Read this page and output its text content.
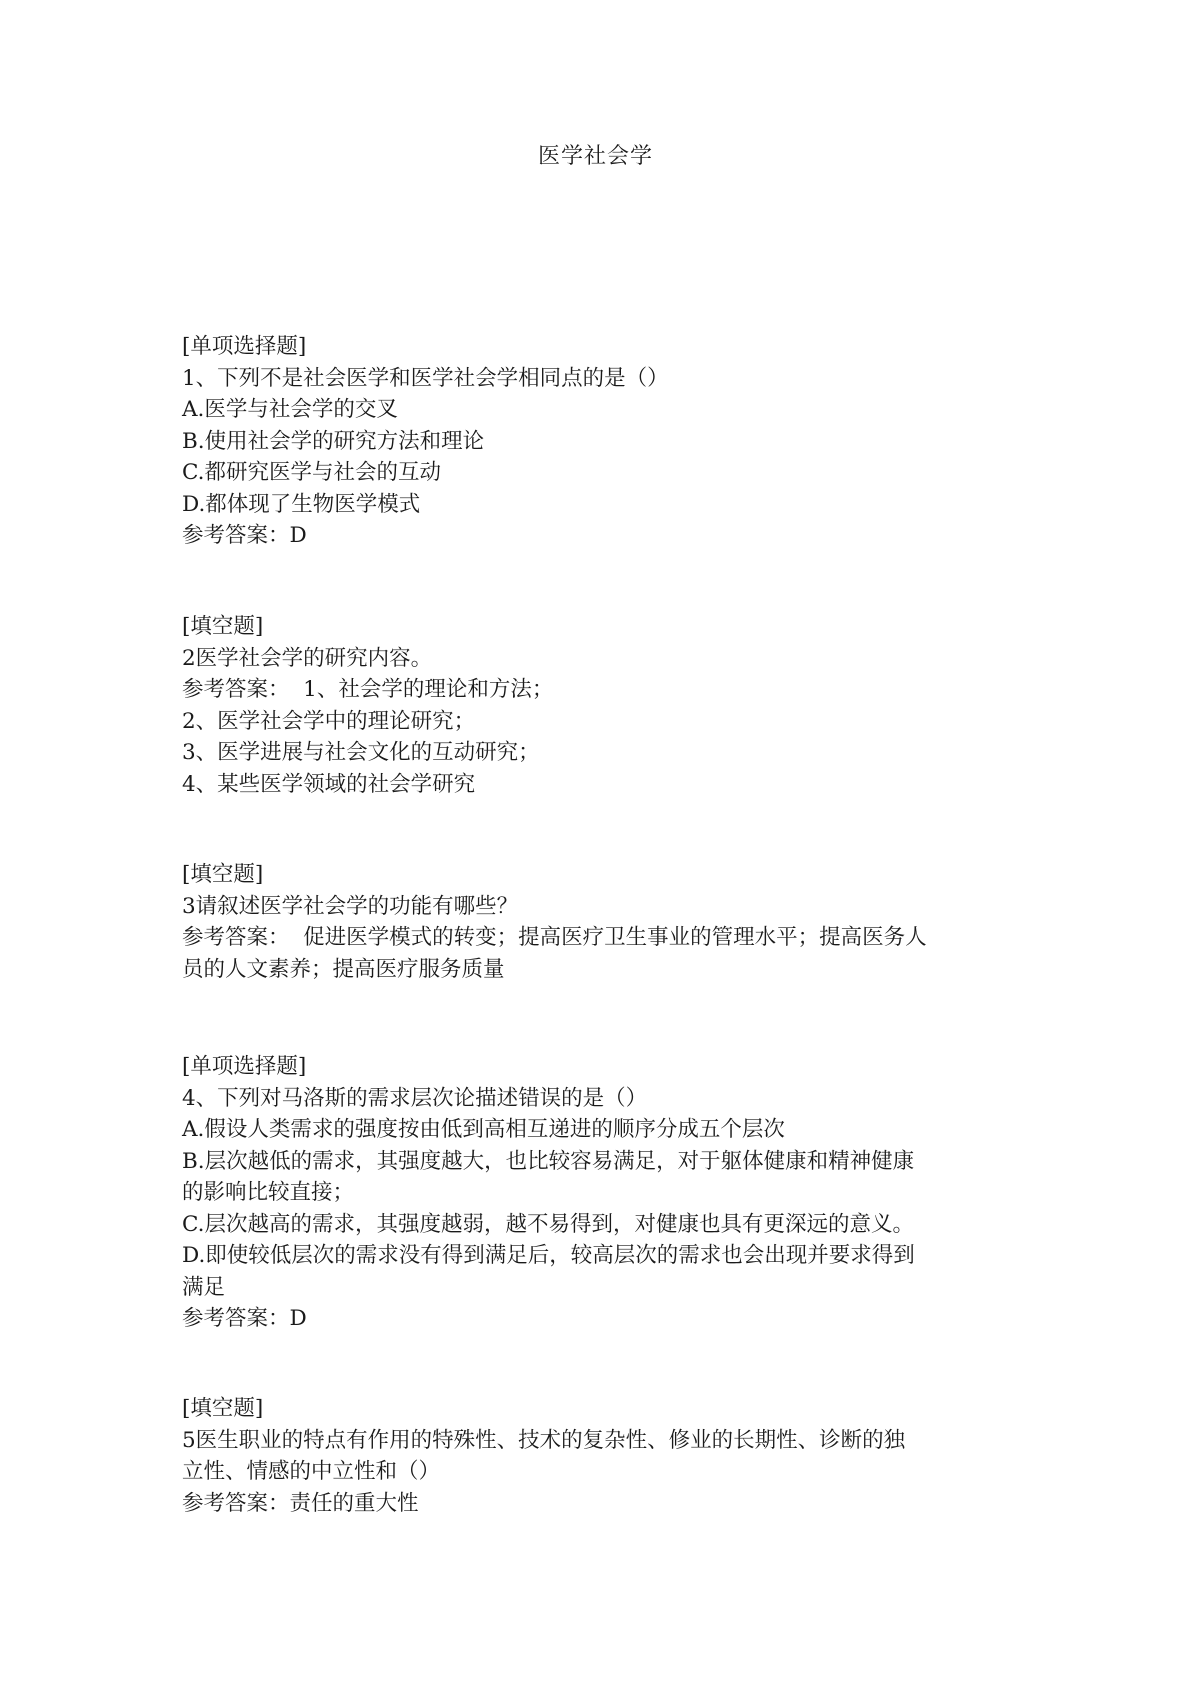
医学社会学

[单项选择题]

1、下列不是社会医学和医学社会学相同点的是（）

A.医学与社会学的交叉

B.使用社会学的研究方法和理论

C.都研究医学与社会的互动

D.都体现了生物医学模式

参考答案：D

[填空题]

2医学社会学的研究内容。

参考答案：  1、社会学的理论和方法；

2、医学社会学中的理论研究；

3、医学进展与社会文化的互动研究；

4、某些医学领域的社会学研究

[填空题]

3请叙述医学社会学的功能有哪些？

参考答案：  促进医学模式的转变；提高医疗卫生事业的管理水平；提高医务人

员的人文素养；提高医疗服务质量

[单项选择题]

4、下列对马洛斯的需求层次论描述错误的是（）

A.假设人类需求的强度按由低到高相互递进的顺序分成五个层次

B.层次越低的需求，其强度越大，也比较容易满足，对于躯体健康和精神健康

的影响比较直接；

C.层次越高的需求，其强度越弱，越不易得到，对健康也具有更深远的意义。

D.即使较低层次的需求没有得到满足后，较高层次的需求也会出现并要求得到

满足

参考答案：D

[填空题]

5医生职业的特点有作用的特殊性、技术的复杂性、修业的长期性、诊断的独

立性、情感的中立性和（）

参考答案：责任的重大性
